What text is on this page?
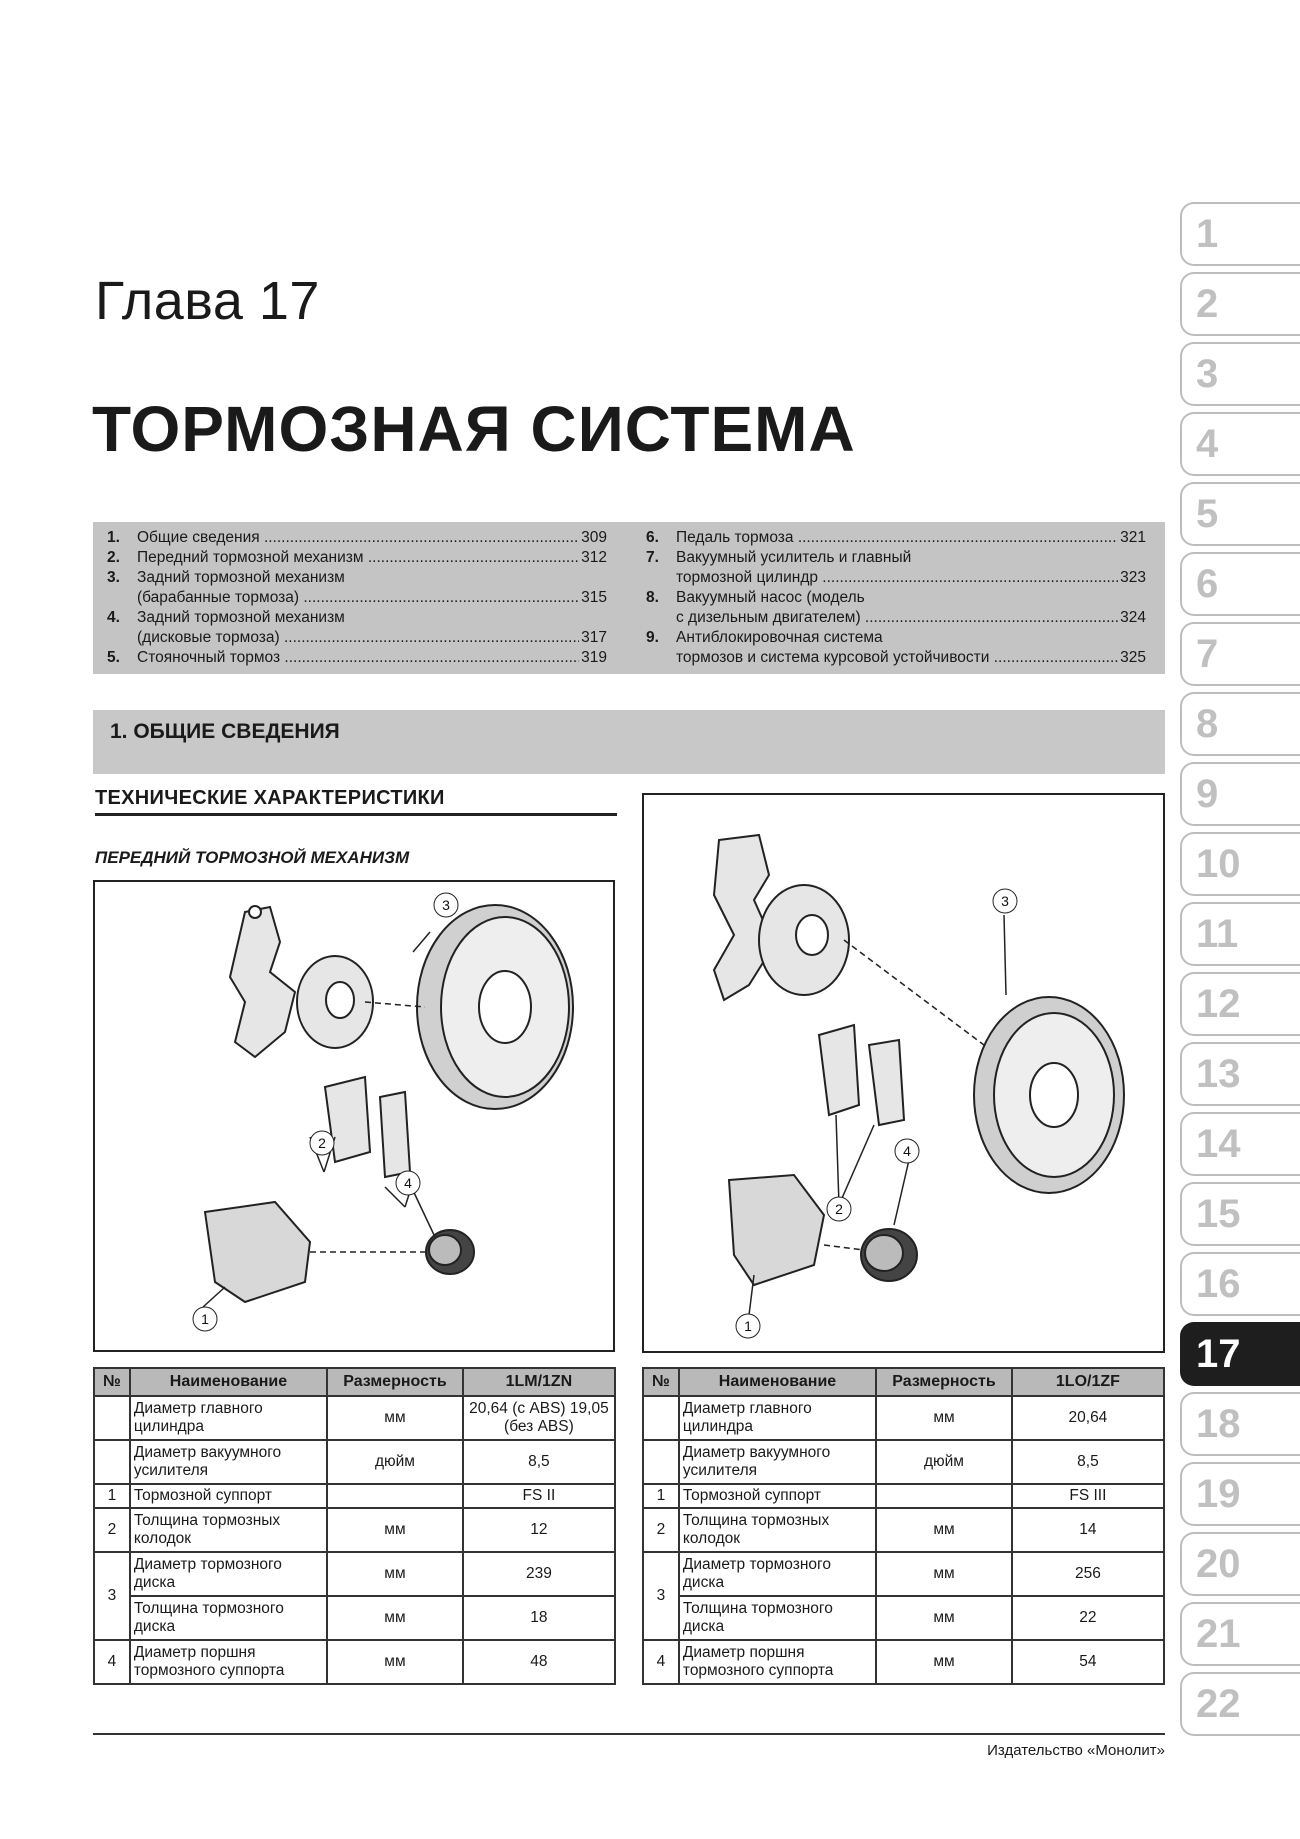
Глава 17
ТОРМОЗНАЯ СИСТЕМА
1. Общие сведения .....	309
2. Передний тормозной механизм .....	312
3. Задний тормозной механизм
(барабанные тормоза) .....	315
4. Задний тормозной механизм
(дисковые тормоза) .....	317
5. Стояночный тормоз .....	319
6. Педаль тормоза .....	321
7. Вакуумный усилитель и главный
тормозной цилиндр .....	323
8. Вакуумный насос (модель
с дизельным двигателем) .....	324
9. Антиблокировочная система
тормозов и система курсовой устойчивости .....	325
1. ОБЩИЕ СВЕДЕНИЯ
ТЕХНИЧЕСКИЕ ХАРАКТЕРИСТИКИ
ПЕРЕДНИЙ ТОРМОЗНОЙ МЕХАНИЗМ
3
2
4
1
3
2
4
1
№	Наименование	Размерность	1LM/1ZN
	Диаметр главного цилиндра	мм	20,64 (с ABS) 19,05 (без ABS)
	Диаметр вакуумного усилителя	дюйм	8,5
1	Тормозной суппорт		FS II
2	Толщина тормозных колодок	мм	12
3	Диаметр тормозного диска	мм	239
	Толщина тормозного диска	мм	18
4	Диаметр поршня тормозного суппорта	мм	48
№	Наименование	Размерность	1LO/1ZF
	Диаметр главного цилиндра	мм	20,64
	Диаметр вакуумного усилителя	дюйм	8,5
1	Тормозной суппорт		FS III
2	Толщина тормозных колодок	мм	14
3	Диаметр тормозного диска	мм	256
	Толщина тормозного диска	мм	22
4	Диаметр поршня тормозного суппорта	мм	54
Издательство «Монолит»
1
2
3
4
5
6
7
8
9
10
11
12
13
14
15
16
17
18
19
20
21
22
